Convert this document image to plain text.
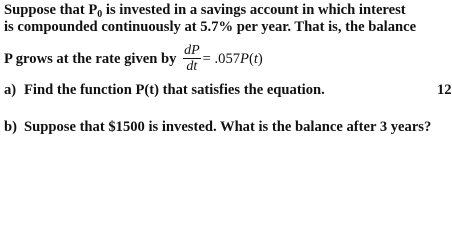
Suppose that $P_0$ is invested in a savings account in which interest
is compounded continuously at 5.7% per year. That is, the balance
P grows at the rate given by $\frac{dP}{dt} = .057P(t)$
a) Find the function P(t) that satisfies the equation.	12
b) Suppose that $1500 is invested. What is the balance after 3 years?
